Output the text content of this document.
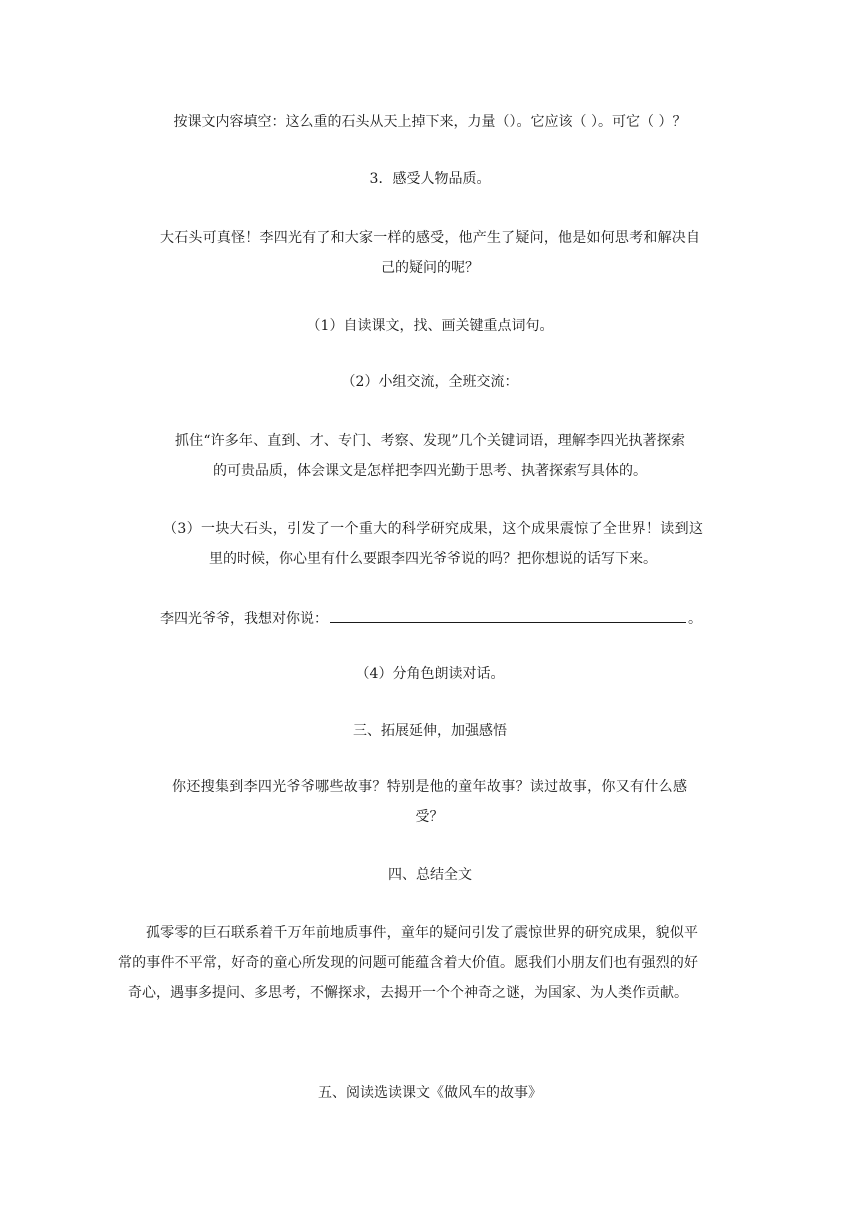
按课文内容填空：这么重的石头从天上掉下来，力量（）。它应该（ ）。可它（ ）？

3．感受人物品质。

大石头可真怪！李四光有了和大家一样的感受，他产生了疑问，他是如何思考和解决自己的疑问的呢？

（1）自读课文，找、画关键重点词句。

（2）小组交流，全班交流：

抓住“许多年、直到、才、专门、考察、发现”几个关键词语，理解李四光执著探索的可贵品质，体会课文是怎样把李四光勤于思考、执著探索写具体的。

（3）一块大石头，引发了一个重大的科学研究成果，这个成果震惊了全世界！读到这里的时候，你心里有什么要跟李四光爷爷说的吗？把你想说的话写下来。

李四光爷爷，我想对你说：	。

（4）分角色朗读对话。

三、拓展延伸，加强感悟

你还搜集到李四光爷爷哪些故事？特别是他的童年故事？读过故事，你又有什么感受？

四、总结全文

孤零零的巨石联系着千万年前地质事件，童年的疑问引发了震惊世界的研究成果，貌似平常的事件不平常，好奇的童心所发现的问题可能蕴含着大价值。愿我们小朋友们也有强烈的好奇心，遇事多提问、多思考，不懈探求，去揭开一个个神奇之谜，为国家、为人类作贡献。

五、阅读选读课文《做风车的故事》
